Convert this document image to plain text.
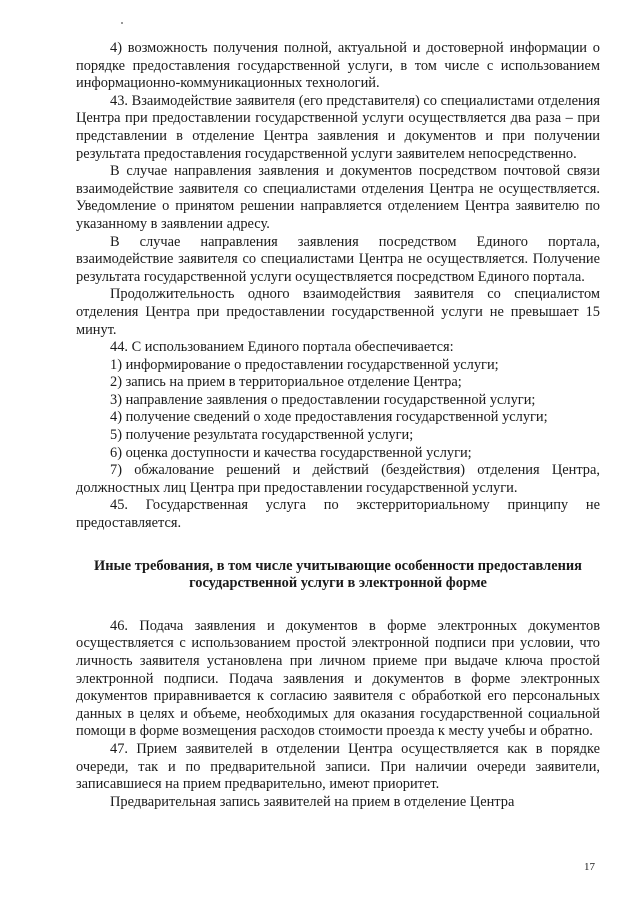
4) возможность получения полной, актуальной и достоверной информации о порядке предоставления государственной услуги, в том числе с использованием информационно-коммуникационных технологий.

43. Взаимодействие заявителя (его представителя) со специалистами отделения Центра при предоставлении государственной услуги осуществляется два раза – при представлении в отделение Центра заявления и документов и при получении результата предоставления государственной услуги заявителем непосредственно.

В случае направления заявления и документов посредством почтовой связи взаимодействие заявителя со специалистами отделения Центра не осуществляется. Уведомление о принятом решении направляется отделением Центра заявителю по указанному в заявлении адресу.

В случае направления заявления посредством Единого портала, взаимодействие заявителя со специалистами Центра не осуществляется. Получение результата государственной услуги осуществляется посредством Единого портала.

Продолжительность одного взаимодействия заявителя со специалистом отделения Центра при предоставлении государственной услуги не превышает 15 минут.

44. С использованием Единого портала обеспечивается:

1) информирование о предоставлении государственной услуги;

2) запись на прием в территориальное отделение Центра;

3) направление заявления о предоставлении государственной услуги;

4) получение сведений о ходе предоставления государственной услуги;

5) получение результата государственной услуги;

6) оценка доступности и качества государственной услуги;

7) обжалование решений и действий (бездействия) отделения Центра, должностных лиц Центра при предоставлении государственной услуги.

45. Государственная услуга по экстерриториальному принципу не предоставляется.

Иные требования, в том числе учитывающие особенности предоставления государственной услуги в электронной форме

46. Подача заявления и документов в форме электронных документов осуществляется с использованием простой электронной подписи при условии, что личность заявителя установлена при личном приеме при выдаче ключа простой электронной подписи. Подача заявления и документов в форме электронных документов приравнивается к согласию заявителя с обработкой его персональных данных в целях и объеме, необходимых для оказания государственной социальной помощи в форме возмещения расходов стоимости проезда к месту учебы и обратно.

47. Прием заявителей в отделении Центра осуществляется как в порядке очереди, так и по предварительной записи. При наличии очереди заявители, записавшиеся на прием предварительно, имеют приоритет.

Предварительная запись заявителей на прием в отделение Центра

17
